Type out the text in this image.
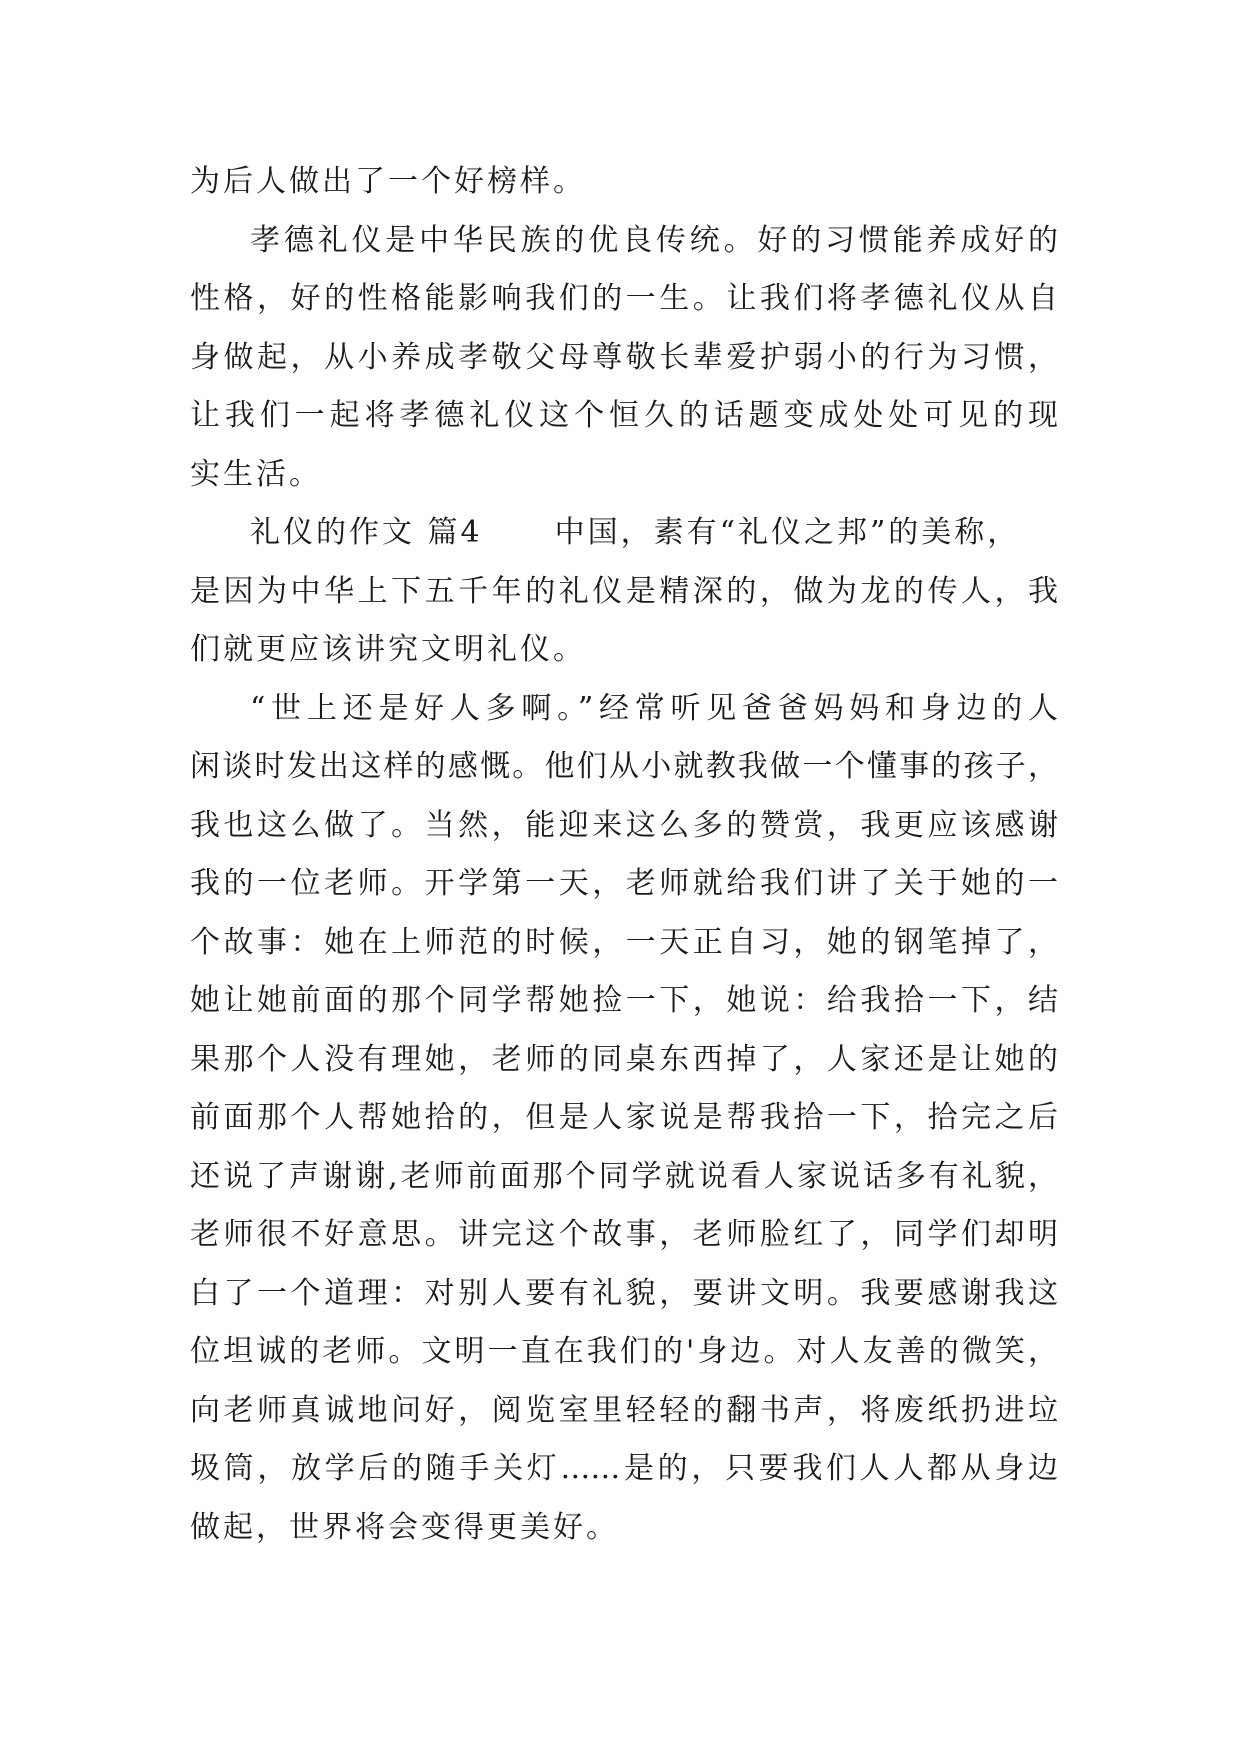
为后人做出了一个好榜样。
孝德礼仪是中华民族的优良传统。好的习惯能养成好的
性格，好的性格能影响我们的一生。让我们将孝德礼仪从自
身做起，从小养成孝敬父母尊敬长辈爱护弱小的行为习惯，
让我们一起将孝德礼仪这个恒久的话题变成处处可见的现
实生活。
礼仪的作文 篇4 中国，素有“礼仪之邦”的美称，
是因为中华上下五千年的礼仪是精深的，做为龙的传人，我
们就更应该讲究文明礼仪。
“世上还是好人多啊。”经常听见爸爸妈妈和身边的人
闲谈时发出这样的感慨。他们从小就教我做一个懂事的孩子，
我也这么做了。当然，能迎来这么多的赞赏，我更应该感谢
我的一位老师。开学第一天，老师就给我们讲了关于她的一
个故事：她在上师范的时候，一天正自习，她的钢笔掉了，
她让她前面的那个同学帮她捡一下，她说：给我拾一下，结
果那个人没有理她，老师的同桌东西掉了，人家还是让她的
前面那个人帮她拾的，但是人家说是帮我拾一下，拾完之后
还说了声谢谢,老师前面那个同学就说看人家说话多有礼貌，
老师很不好意思。讲完这个故事，老师脸红了，同学们却明
白了一个道理：对别人要有礼貌，要讲文明。我要感谢我这
位坦诚的老师。文明一直在我们的'身边。对人友善的微笑，
向老师真诚地问好，阅览室里轻轻的翻书声，将废纸扔进垃
圾筒，放学后的随手关灯……是的，只要我们人人都从身边
做起，世界将会变得更美好。
